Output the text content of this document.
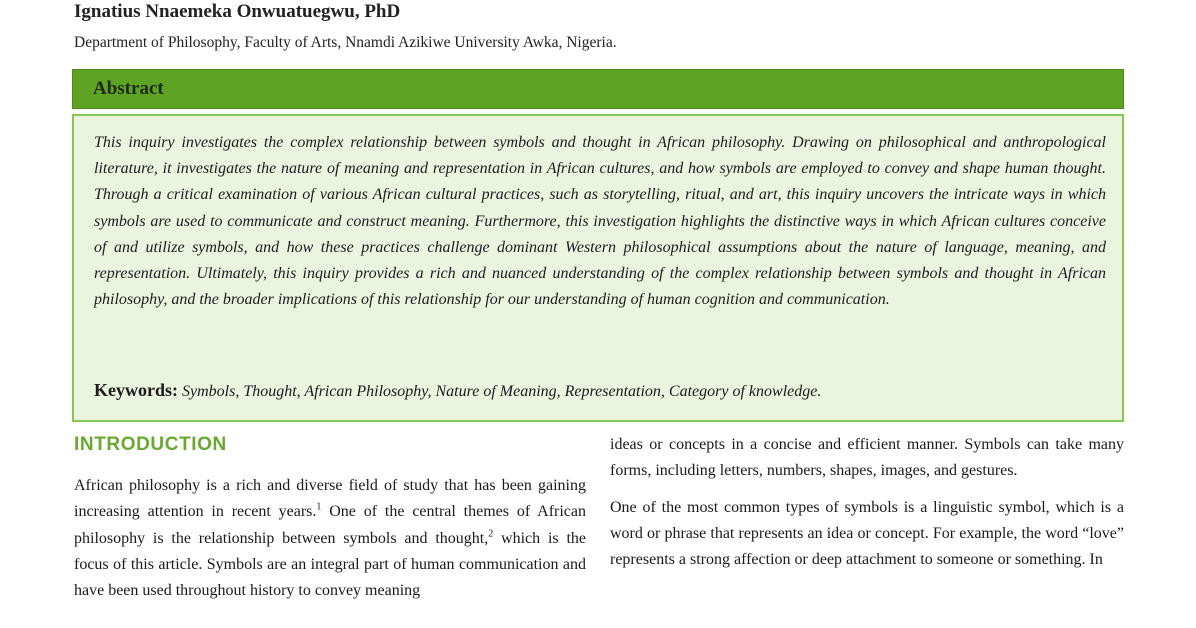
Ignatius Nnaemeka Onwuatuegwu, PhD
Department of Philosophy, Faculty of Arts, Nnamdi Azikiwe University Awka, Nigeria.
Abstract
This inquiry investigates the complex relationship between symbols and thought in African philosophy. Drawing on philosophical and anthropological literature, it investigates the nature of meaning and representation in African cultures, and how symbols are employed to convey and shape human thought. Through a critical examination of various African cultural practices, such as storytelling, ritual, and art, this inquiry uncovers the intricate ways in which symbols are used to communicate and construct meaning. Furthermore, this investigation highlights the distinctive ways in which African cultures conceive of and utilize symbols, and how these practices challenge dominant Western philosophical assumptions about the nature of language, meaning, and representation. Ultimately, this inquiry provides a rich and nuanced understanding of the complex relationship between symbols and thought in African philosophy, and the broader implications of this relationship for our understanding of human cognition and communication.
Keywords: Symbols, Thought, African Philosophy, Nature of Meaning, Representation, Category of knowledge.
INTRODUCTION

African philosophy is a rich and diverse field of study that has been gaining increasing attention in recent years.$^1$ One of the central themes of African philosophy is the relationship between symbols and thought,$^2$ which is the focus of this article. Symbols are an integral part of human communication and have been used throughout history to convey meaning

ideas or concepts in a concise and efficient manner. Symbols can take many forms, including letters, numbers, shapes, images, and gestures.

One of the most common types of symbols is a linguistic symbol, which is a word or phrase that represents an idea or concept. For example, the word “love” represents a strong affection or deep attachment to someone or something. In
